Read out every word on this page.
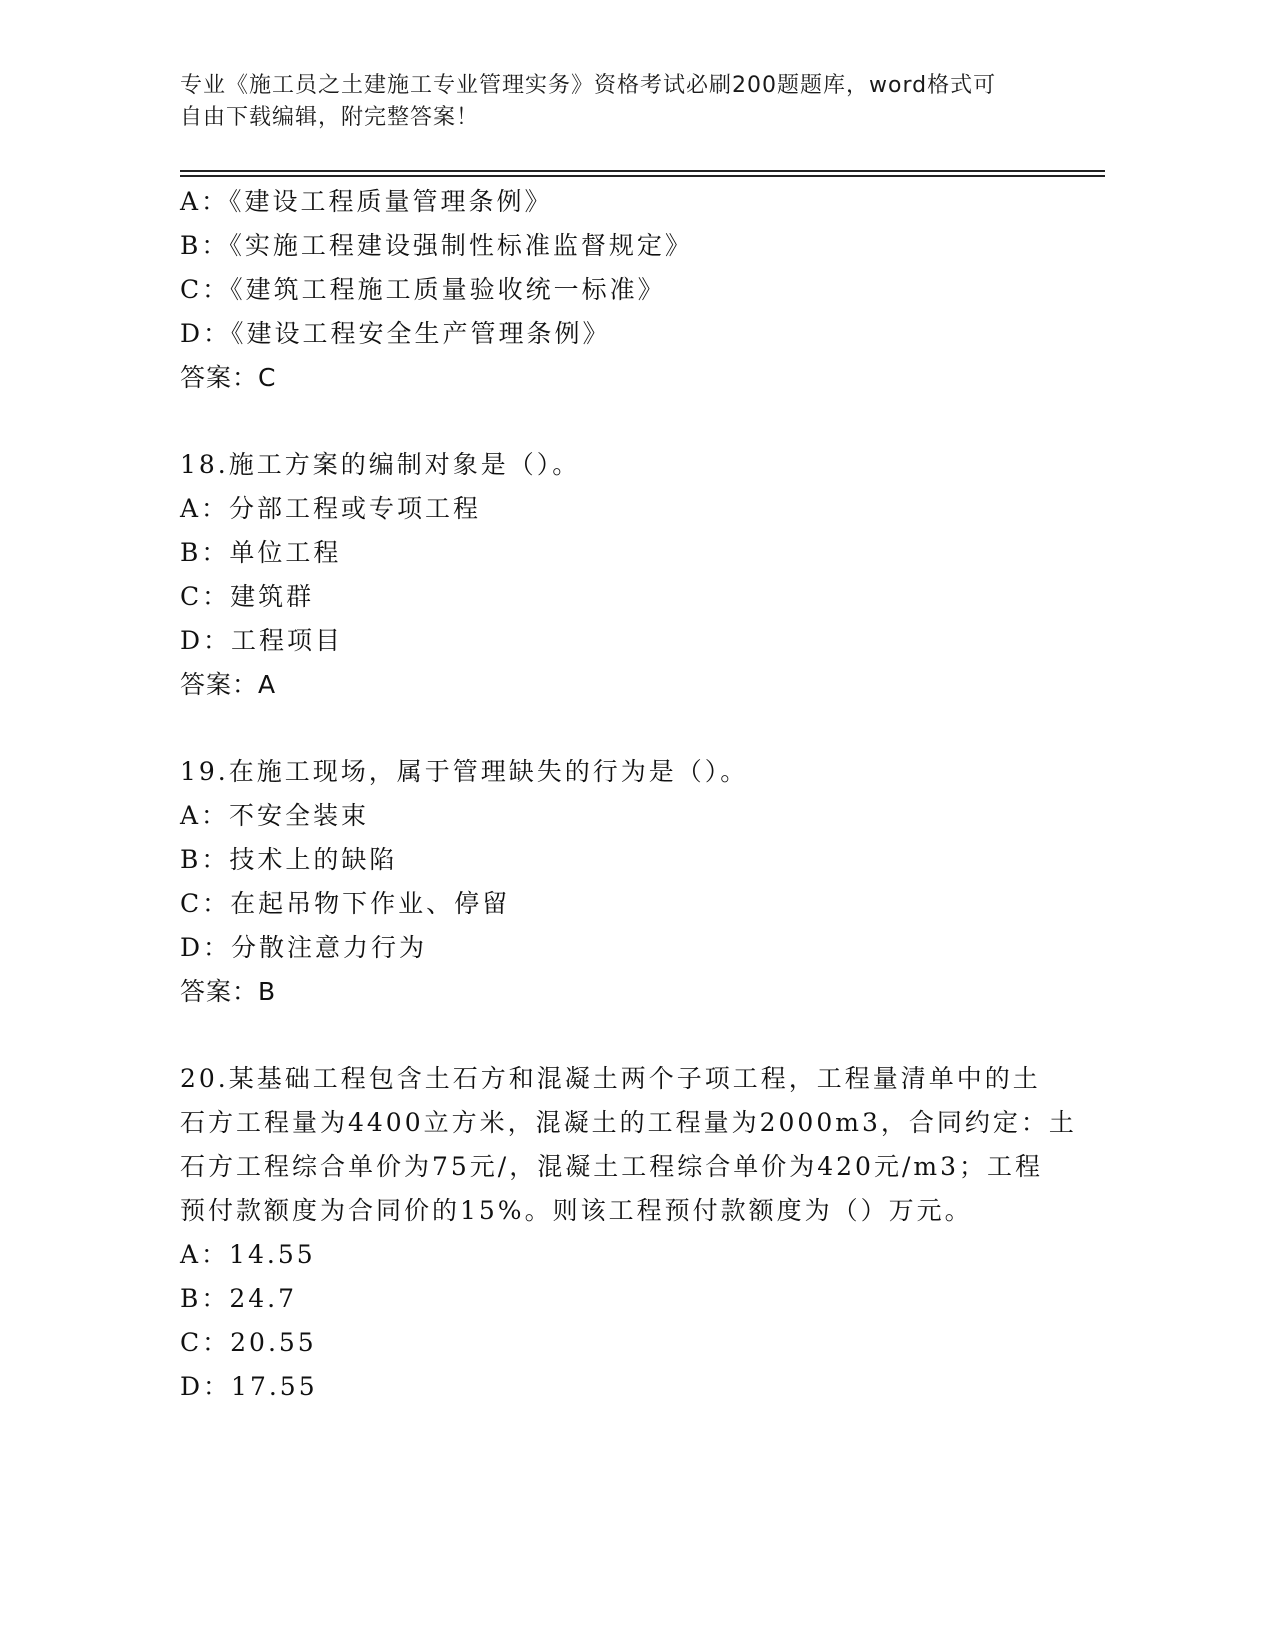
专业《施工员之土建施工专业管理实务》资格考试必刷200题题库，word格式可
自由下载编辑，附完整答案！
A：《建设工程质量管理条例》
B：《实施工程建设强制性标准监督规定》
C：《建筑工程施工质量验收统一标准》
D：《建设工程安全生产管理条例》
答案：C
18.施工方案的编制对象是（）。
A：分部工程或专项工程
B：单位工程
C：建筑群
D：工程项目
答案：A
19.在施工现场，属于管理缺失的行为是（）。
A：不安全装束
B：技术上的缺陷
C：在起吊物下作业、停留
D：分散注意力行为
答案：B
20.某基础工程包含土石方和混凝土两个子项工程，工程量清单中的土
石方工程量为4400立方米，混凝土的工程量为2000m3，合同约定：土
石方工程综合单价为75元/，混凝土工程综合单价为420元/m3；工程
预付款额度为合同价的15%。则该工程预付款额度为（）万元。
A：14.55
B：24.7
C：20.55
D：17.55
